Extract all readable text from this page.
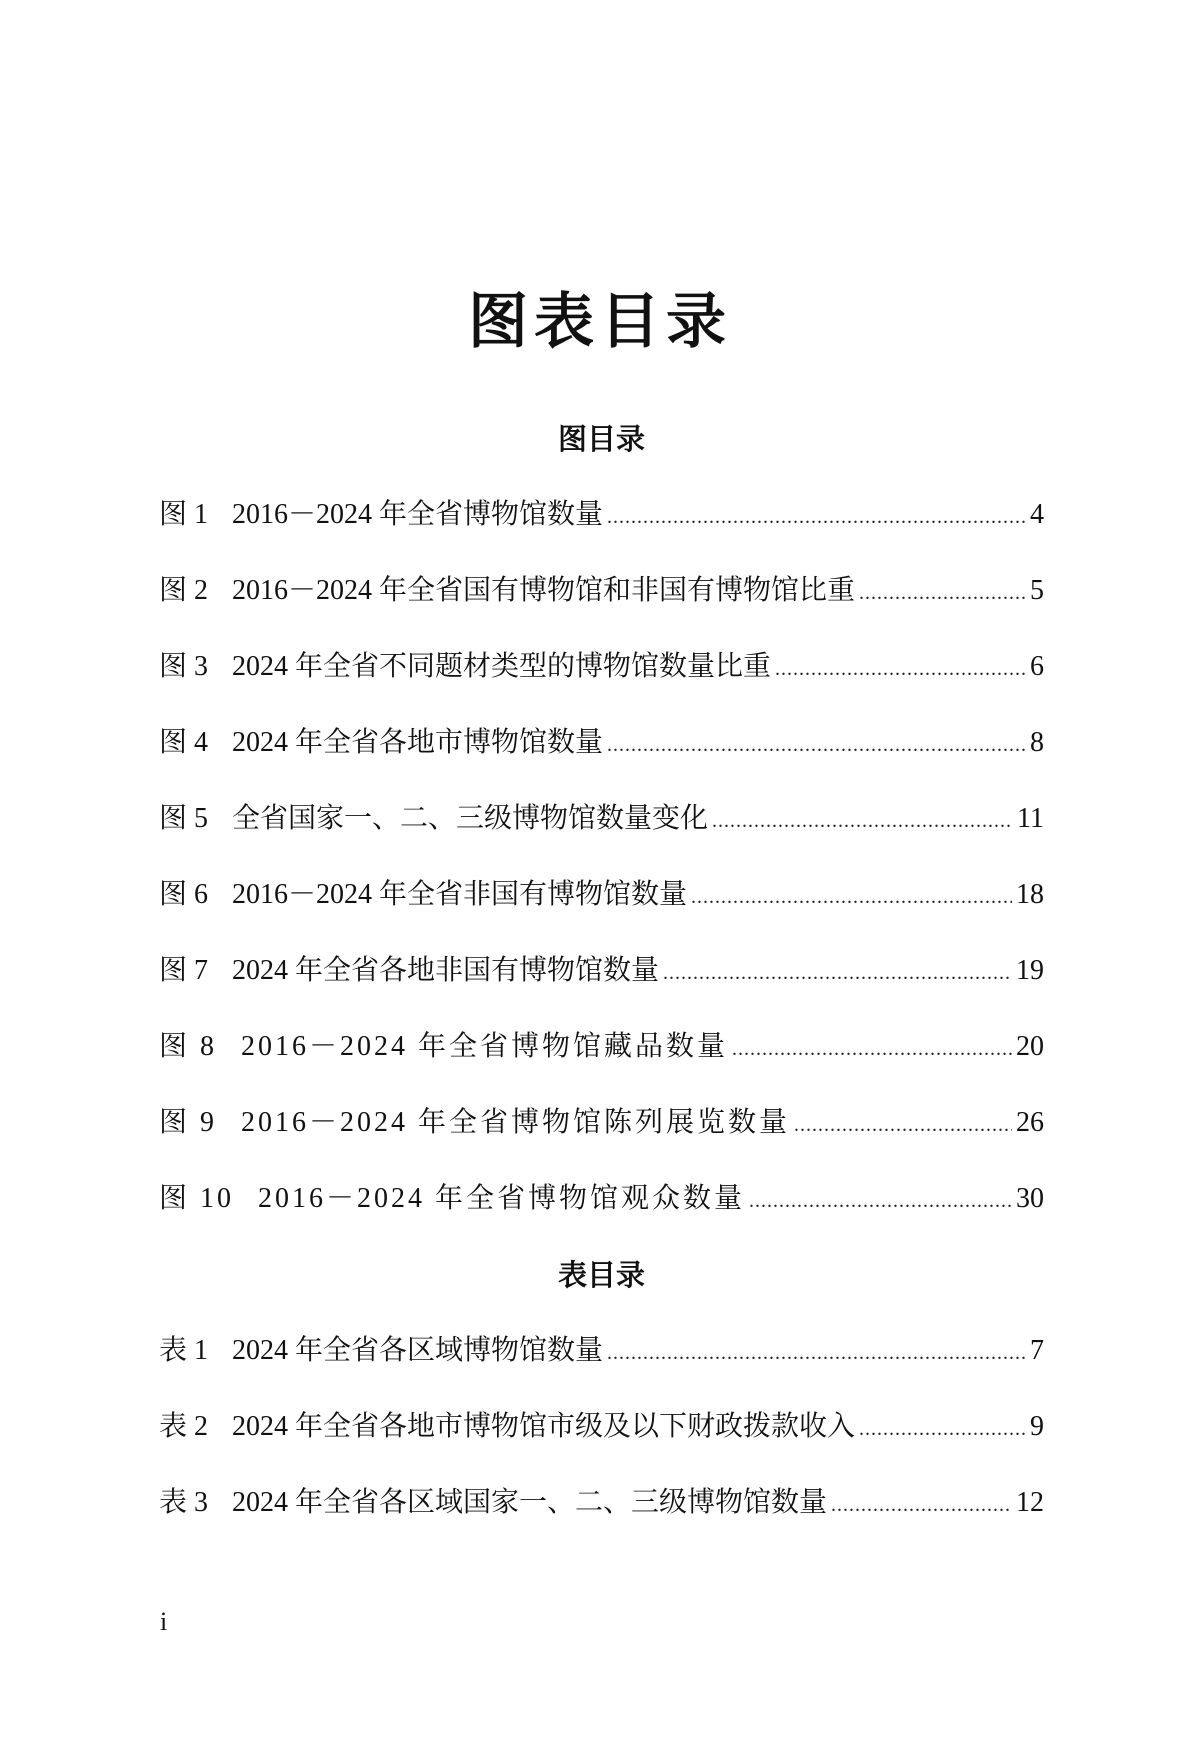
图表目录
图目录
图 1 2016－2024 年全省博物馆数量 .....	4
图 2 2016－2024 年全省国有博物馆和非国有博物馆比重 .....	5
图 3 2024 年全省不同题材类型的博物馆数量比重 .....	6
图 4 2024 年全省各地市博物馆数量 .....	8
图 5 全省国家一、二、三级博物馆数量变化 .....	11
图 6 2016－2024 年全省非国有博物馆数量 .....	18
图 7 2024 年全省各地非国有博物馆数量 .....	19
图 8 2016－2024 年全省博物馆藏品数量 .....	20
图 9 2016－2024 年全省博物馆陈列展览数量 .....	26
图 10 2016－2024 年全省博物馆观众数量 .....	30
表目录
表 1 2024 年全省各区域博物馆数量 .....	7
表 2 2024 年全省各地市博物馆市级及以下财政拨款收入 .....	9
表 3 2024 年全省各区域国家一、二、三级博物馆数量 .....	12
i
